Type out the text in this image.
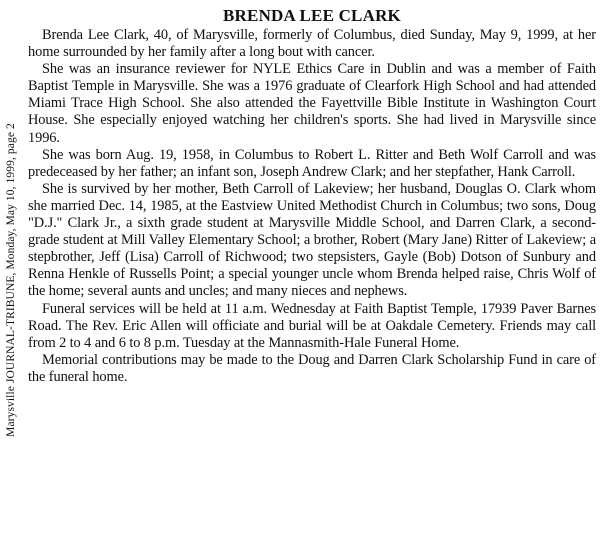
Marysville JOURNAL-TRIBUNE, Monday, May 10, 1999, page 2
BRENDA LEE CLARK

Brenda Lee Clark, 40, of Marysville, formerly of Columbus, died Sunday, May 9, 1999, at her home surrounded by her family after a long bout with cancer.

She was an insurance reviewer for NYLE Ethics Care in Dublin and was a member of Faith Baptist Temple in Marysville. She was a 1976 graduate of Clearfork High School and had attended Miami Trace High School. She also attended the Fayettville Bible Institute in Washington Court House. She especially enjoyed watching her children's sports. She had lived in Marysville since 1996.

She was born Aug. 19, 1958, in Columbus to Robert L. Ritter and Beth Wolf Carroll and was predeceased by her father; an infant son, Joseph Andrew Clark; and her stepfather, Hank Carroll.

She is survived by her mother, Beth Carroll of Lakeview; her husband, Douglas O. Clark whom she married Dec. 14, 1985, at the Eastview United Methodist Church in Columbus; two sons, Doug "D.J." Clark Jr., a sixth grade student at Marysville Middle School, and Darren Clark, a second-grade student at Mill Valley Elementary School; a brother, Robert (Mary Jane) Ritter of Lakeview; a stepbrother, Jeff (Lisa) Carroll of Richwood; two stepsisters, Gayle (Bob) Dotson of Sunbury and Renna Henkle of Russells Point; a special younger uncle whom Brenda helped raise, Chris Wolf of the home; several aunts and uncles; and many nieces and nephews.

Funeral services will be held at 11 a.m. Wednesday at Faith Baptist Temple, 17939 Paver Barnes Road. The Rev. Eric Allen will officiate and burial will be at Oakdale Cemetery. Friends may call from 2 to 4 and 6 to 8 p.m. Tuesday at the Mannasmith-Hale Funeral Home.

Memorial contributions may be made to the Doug and Darren Clark Scholarship Fund in care of the funeral home.
